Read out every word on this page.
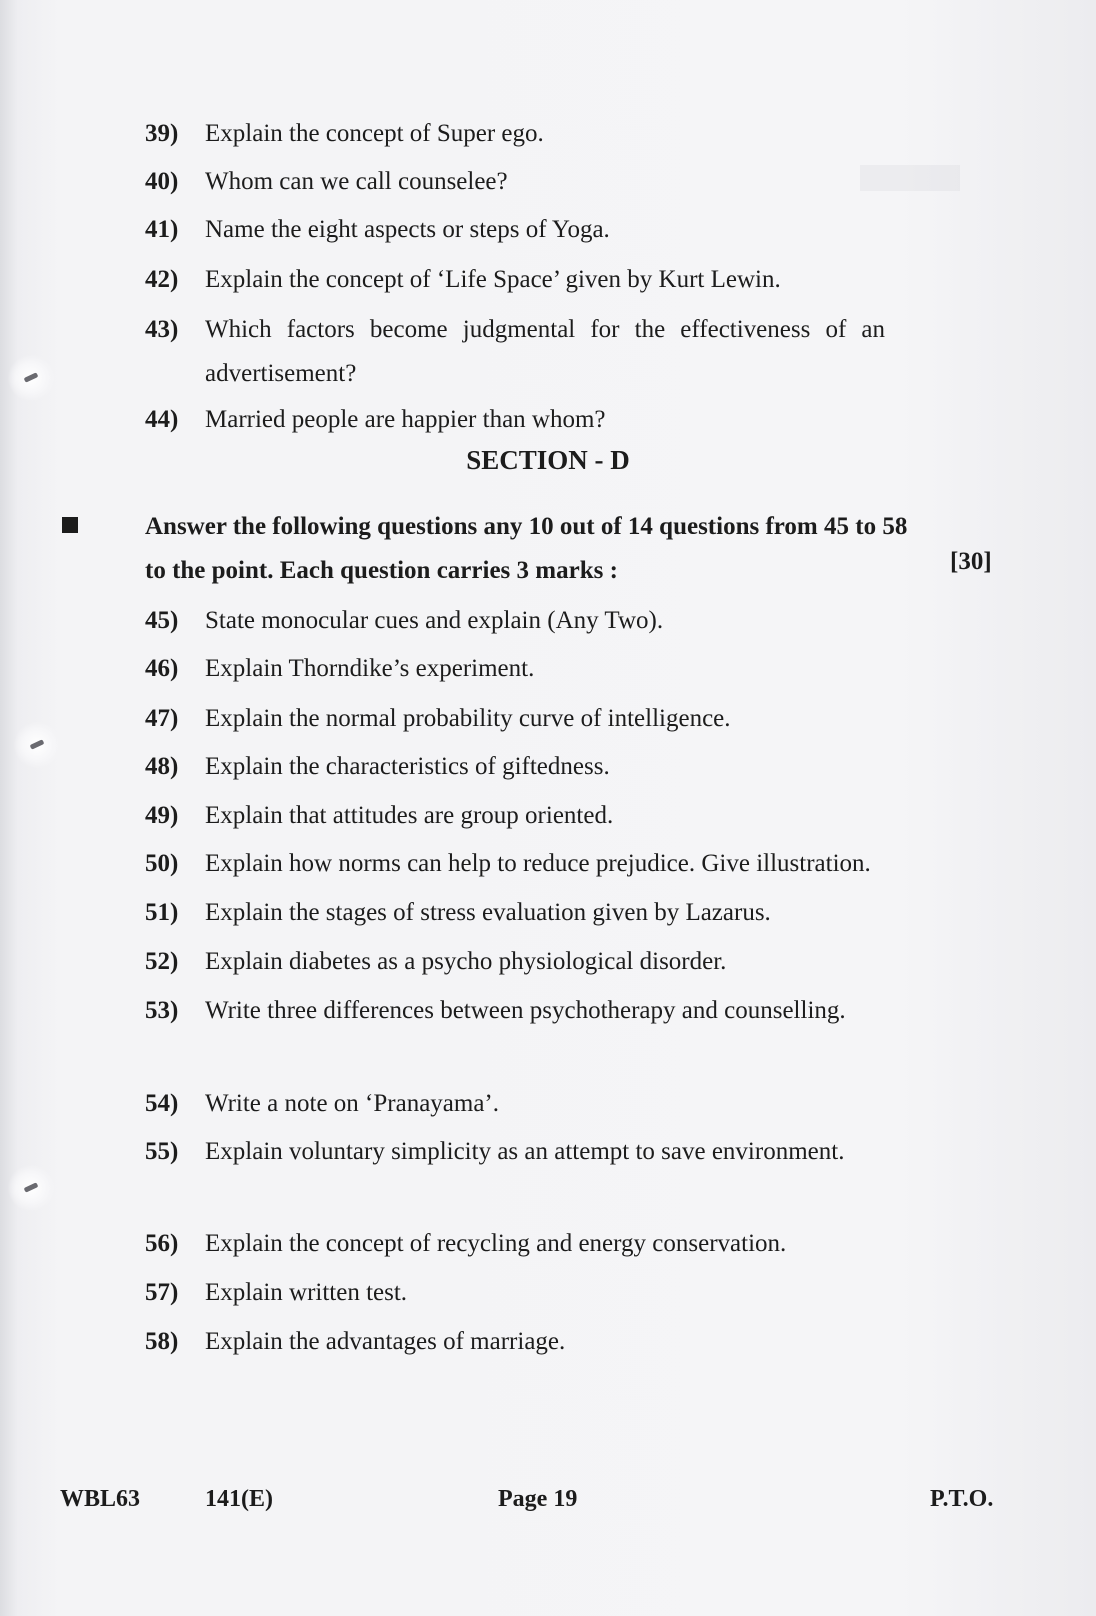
39)	Explain the concept of Super ego.
40)	Whom can we call counselee?
41)	Name the eight aspects or steps of Yoga.
42)	Explain the concept of ‘Life Space’ given by Kurt Lewin.
43)	Which factors become judgmental for the effectiveness of an advertisement?
44)	Married people are happier than whom?
SECTION - D
Answer the following questions any 10 out of 14 questions from 45 to 58 to the point. Each question carries 3 marks :	[30]
45)	State monocular cues and explain (Any Two).
46)	Explain Thorndike’s experiment.
47)	Explain the normal probability curve of intelligence.
48)	Explain the characteristics of giftedness.
49)	Explain that attitudes are group oriented.
50)	Explain how norms can help to reduce prejudice. Give illustration.
51)	Explain the stages of stress evaluation given by Lazarus.
52)	Explain diabetes as a psycho physiological disorder.
53)	Write three differences between psychotherapy and counselling.
54)	Write a note on ‘Pranayama’.
55)	Explain voluntary simplicity as an attempt to save environment.
56)	Explain the concept of recycling and energy conservation.
57)	Explain written test.
58)	Explain the advantages of marriage.
WBL63	141(E)	Page 19	P.T.O.
